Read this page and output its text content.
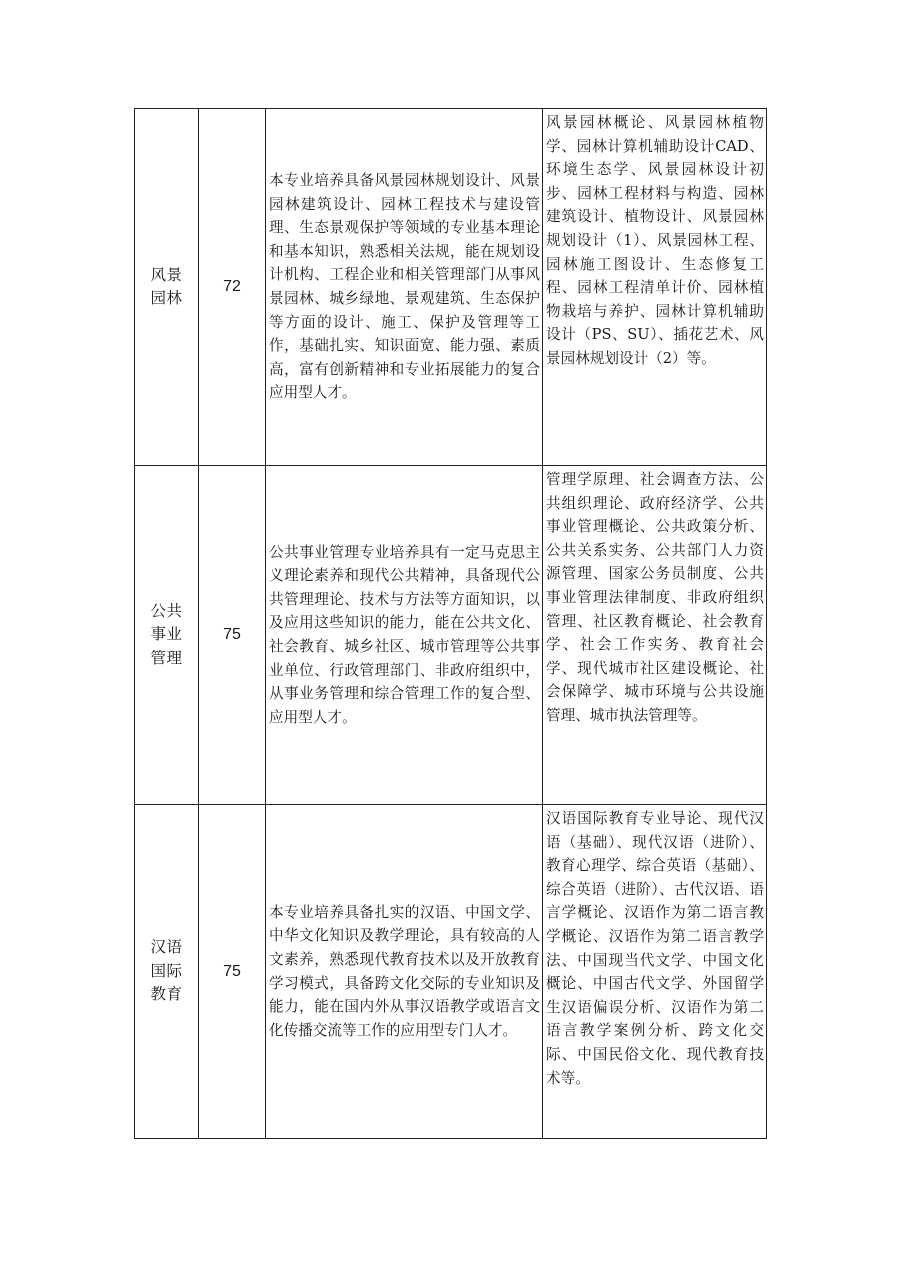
风景园林	72	本专业培养具备风景园林规划设计、风景园林建筑设计、园林工程技术与建设管理、生态景观保护等领域的专业基本理论和基本知识，熟悉相关法规，能在规划设计机构、工程企业和相关管理部门从事风景园林、城乡绿地、景观建筑、生态保护等方面的设计、施工、保护及管理等工作，基础扎实、知识面宽、能力强、素质高，富有创新精神和专业拓展能力的复合应用型人才。	风景园林概论、风景园林植物学、园林计算机辅助设计CAD、环境生态学、风景园林设计初步、园林工程材料与构造、园林建筑设计、植物设计、风景园林规划设计（1）、风景园林工程、园林施工图设计、生态修复工程、园林工程清单计价、园林植物栽培与养护、园林计算机辅助设计（PS、SU）、插花艺术、风景园林规划设计（2）等。
公共事业管理	75	公共事业管理专业培养具有一定马克思主义理论素养和现代公共精神，具备现代公共管理理论、技术与方法等方面知识，以及应用这些知识的能力，能在公共文化、社会教育、城乡社区、城市管理等公共事业单位、行政管理部门、非政府组织中，从事业务管理和综合管理工作的复合型、应用型人才。	管理学原理、社会调查方法、公共组织理论、政府经济学、公共事业管理概论、公共政策分析、公共关系实务、公共部门人力资源管理、国家公务员制度、公共事业管理法律制度、非政府组织管理、社区教育概论、社会教育学、社会工作实务、教育社会学、现代城市社区建设概论、社会保障学、城市环境与公共设施管理、城市执法管理等。
汉语国际教育	75	本专业培养具备扎实的汉语、中国文学、中华文化知识及教学理论，具有较高的人文素养，熟悉现代教育技术以及开放教育学习模式，具备跨文化交际的专业知识及能力，能在国内外从事汉语教学或语言文化传播交流等工作的应用型专门人才。	汉语国际教育专业导论、现代汉语（基础）、现代汉语（进阶）、教育心理学、综合英语（基础）、综合英语（进阶）、古代汉语、语言学概论、汉语作为第二语言教学概论、汉语作为第二语言教学法、中国现当代文学、中国文化概论、中国古代文学、外国留学生汉语偏误分析、汉语作为第二语言教学案例分析、跨文化交际、中国民俗文化、现代教育技术等。
